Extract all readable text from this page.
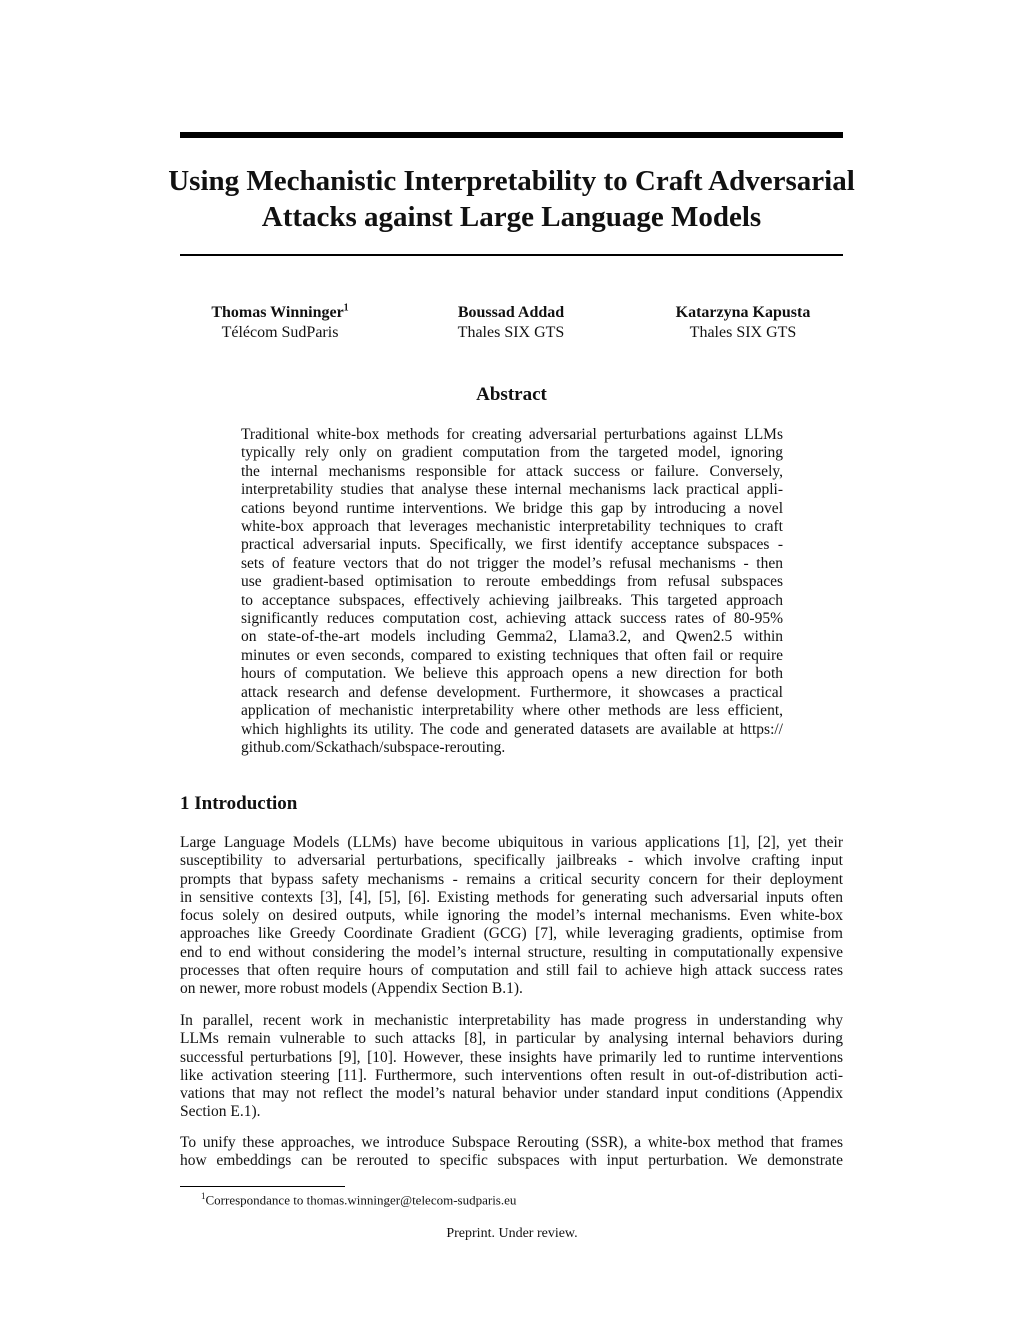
Using Mechanistic Interpretability to Craft Adversarial
Attacks against Large Language Models
Thomas Winninger$^1$
Télécom SudParis
Boussad Addad
Thales SIX GTS
Katarzyna Kapusta
Thales SIX GTS
Abstract
Traditional white-box methods for creating adversarial perturbations against LLMs
typically rely only on gradient computation from the targeted model, ignoring
the internal mechanisms responsible for attack success or failure. Conversely,
interpretability studies that analyse these internal mechanisms lack practical appli-
cations beyond runtime interventions. We bridge this gap by introducing a novel
white-box approach that leverages mechanistic interpretability techniques to craft
practical adversarial inputs. Specifically, we first identify acceptance subspaces -
sets of feature vectors that do not trigger the model’s refusal mechanisms - then
use gradient-based optimisation to reroute embeddings from refusal subspaces
to acceptance subspaces, effectively achieving jailbreaks. This targeted approach
significantly reduces computation cost, achieving attack success rates of 80-95%
on state-of-the-art models including Gemma2, Llama3.2, and Qwen2.5 within
minutes or even seconds, compared to existing techniques that often fail or require
hours of computation. We believe this approach opens a new direction for both
attack research and defense development. Furthermore, it showcases a practical
application of mechanistic interpretability where other methods are less efficient,
which highlights its utility. The code and generated datasets are available at https://
github.com/Sckathach/subspace-rerouting.
1 Introduction
Large Language Models (LLMs) have become ubiquitous in various applications [1], [2], yet their
susceptibility to adversarial perturbations, specifically jailbreaks - which involve crafting input
prompts that bypass safety mechanisms - remains a critical security concern for their deployment
in sensitive contexts [3], [4], [5], [6]. Existing methods for generating such adversarial inputs often
focus solely on desired outputs, while ignoring the model’s internal mechanisms. Even white-box
approaches like Greedy Coordinate Gradient (GCG) [7], while leveraging gradients, optimise from
end to end without considering the model’s internal structure, resulting in computationally expensive
processes that often require hours of computation and still fail to achieve high attack success rates
on newer, more robust models (Appendix Section B.1).
In parallel, recent work in mechanistic interpretability has made progress in understanding why
LLMs remain vulnerable to such attacks [8], in particular by analysing internal behaviors during
successful perturbations [9], [10]. However, these insights have primarily led to runtime interventions
like activation steering [11]. Furthermore, such interventions often result in out-of-distribution acti-
vations that may not reflect the model’s natural behavior under standard input conditions (Appendix
Section E.1).
To unify these approaches, we introduce Subspace Rerouting (SSR), a white-box method that frames
how embeddings can be rerouted to specific subspaces with input perturbation. We demonstrate
$^1$Correspondance to thomas.winninger@telecom-sudparis.eu
Preprint. Under review.
